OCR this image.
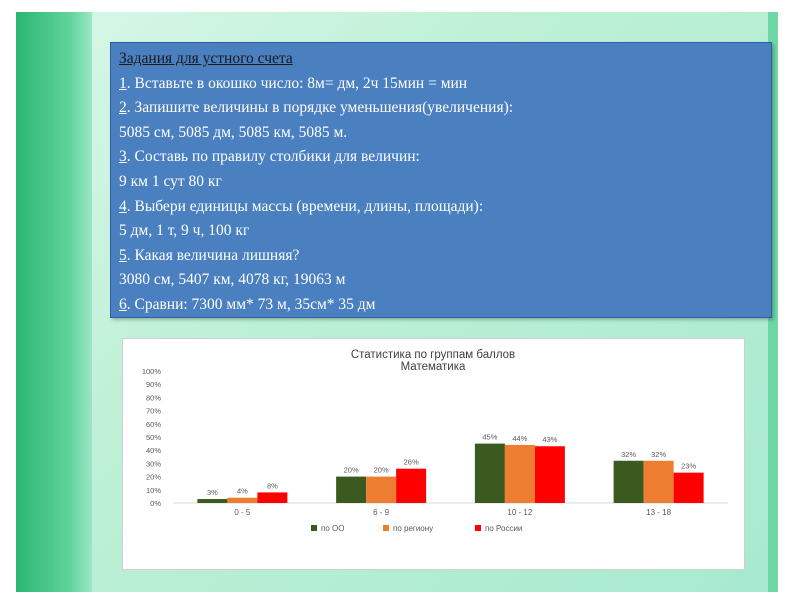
Задания для устного счета
1. Вставьте в окошко число: 8м= дм, 2ч 15мин = мин
2. Запишите величины в порядке уменьшения(увеличения):
5085 см, 5085 дм, 5085 км, 5085 м.
3. Составь по правилу столбики для величин:
9 км 1 сут 80 кг
4. Выбери единицы массы (времени, длины, площади):
5 дм, 1 т, 9 ч, 100 кг
5. Какая величина лишняя?
3080 см, 5407 км, 4078 кг, 19063 м
6. Сравни: 7300 мм* 73 м, 35см* 35 дм
Статистика по группам баллов
Математика
0%
10%
20%
30%
40%
50%
60%
70%
80%
90%
100%
3%	4%
8%
0 - 5
20% 20%
26%
6 - 9
45% 44% 43%
10 - 12
32% 32%
23%
13 - 18
по ОО	по региону	по России
